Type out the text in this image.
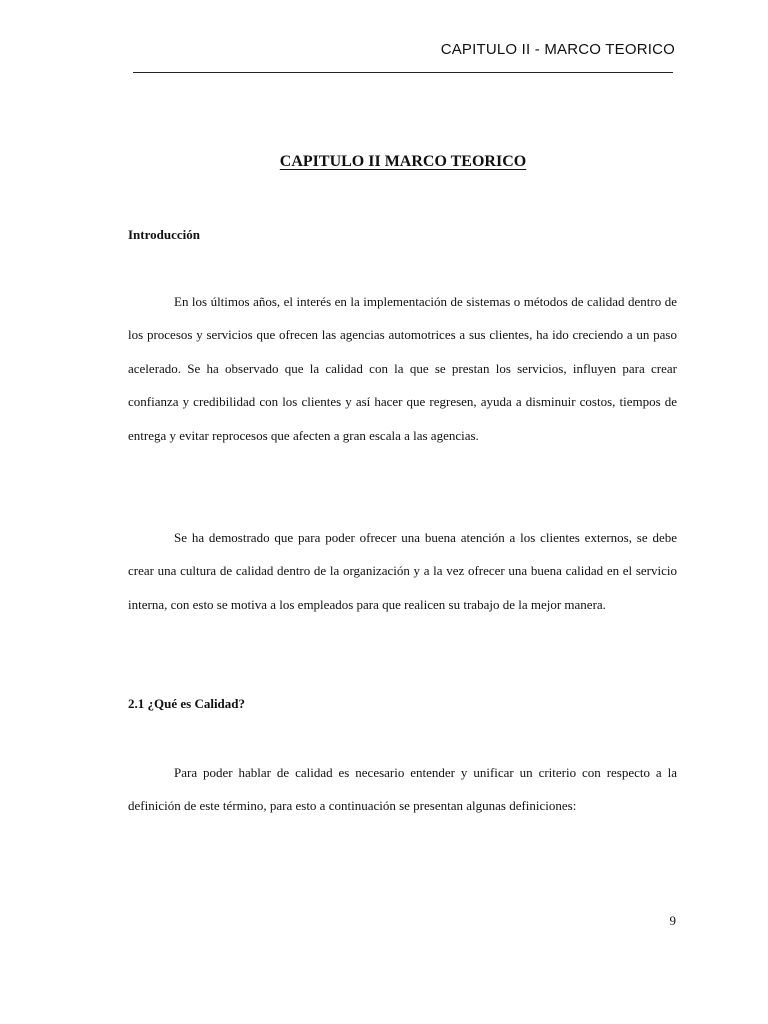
CAPITULO II - MARCO TEORICO
CAPITULO II MARCO TEORICO
Introducción

En los últimos años, el interés en la implementación de sistemas o métodos de calidad dentro de los procesos y servicios que ofrecen las agencias automotrices a sus clientes, ha ido creciendo a un paso acelerado. Se ha observado que la calidad con la que se prestan los servicios, influyen para crear confianza y credibilidad con los clientes y así hacer que regresen, ayuda a disminuir costos, tiempos de entrega y evitar reprocesos que afecten a gran escala a las agencias.

Se ha demostrado que para poder ofrecer una buena atención a los clientes externos, se debe crear una cultura de calidad dentro de la organización y a la vez ofrecer una buena calidad en el servicio interna, con esto se motiva a los empleados para que realicen su trabajo de la mejor manera.

2.1 ¿Qué es Calidad?

Para poder hablar de calidad es necesario entender y unificar un criterio con respecto a la definición de este término, para esto a continuación se presentan algunas definiciones:

9
